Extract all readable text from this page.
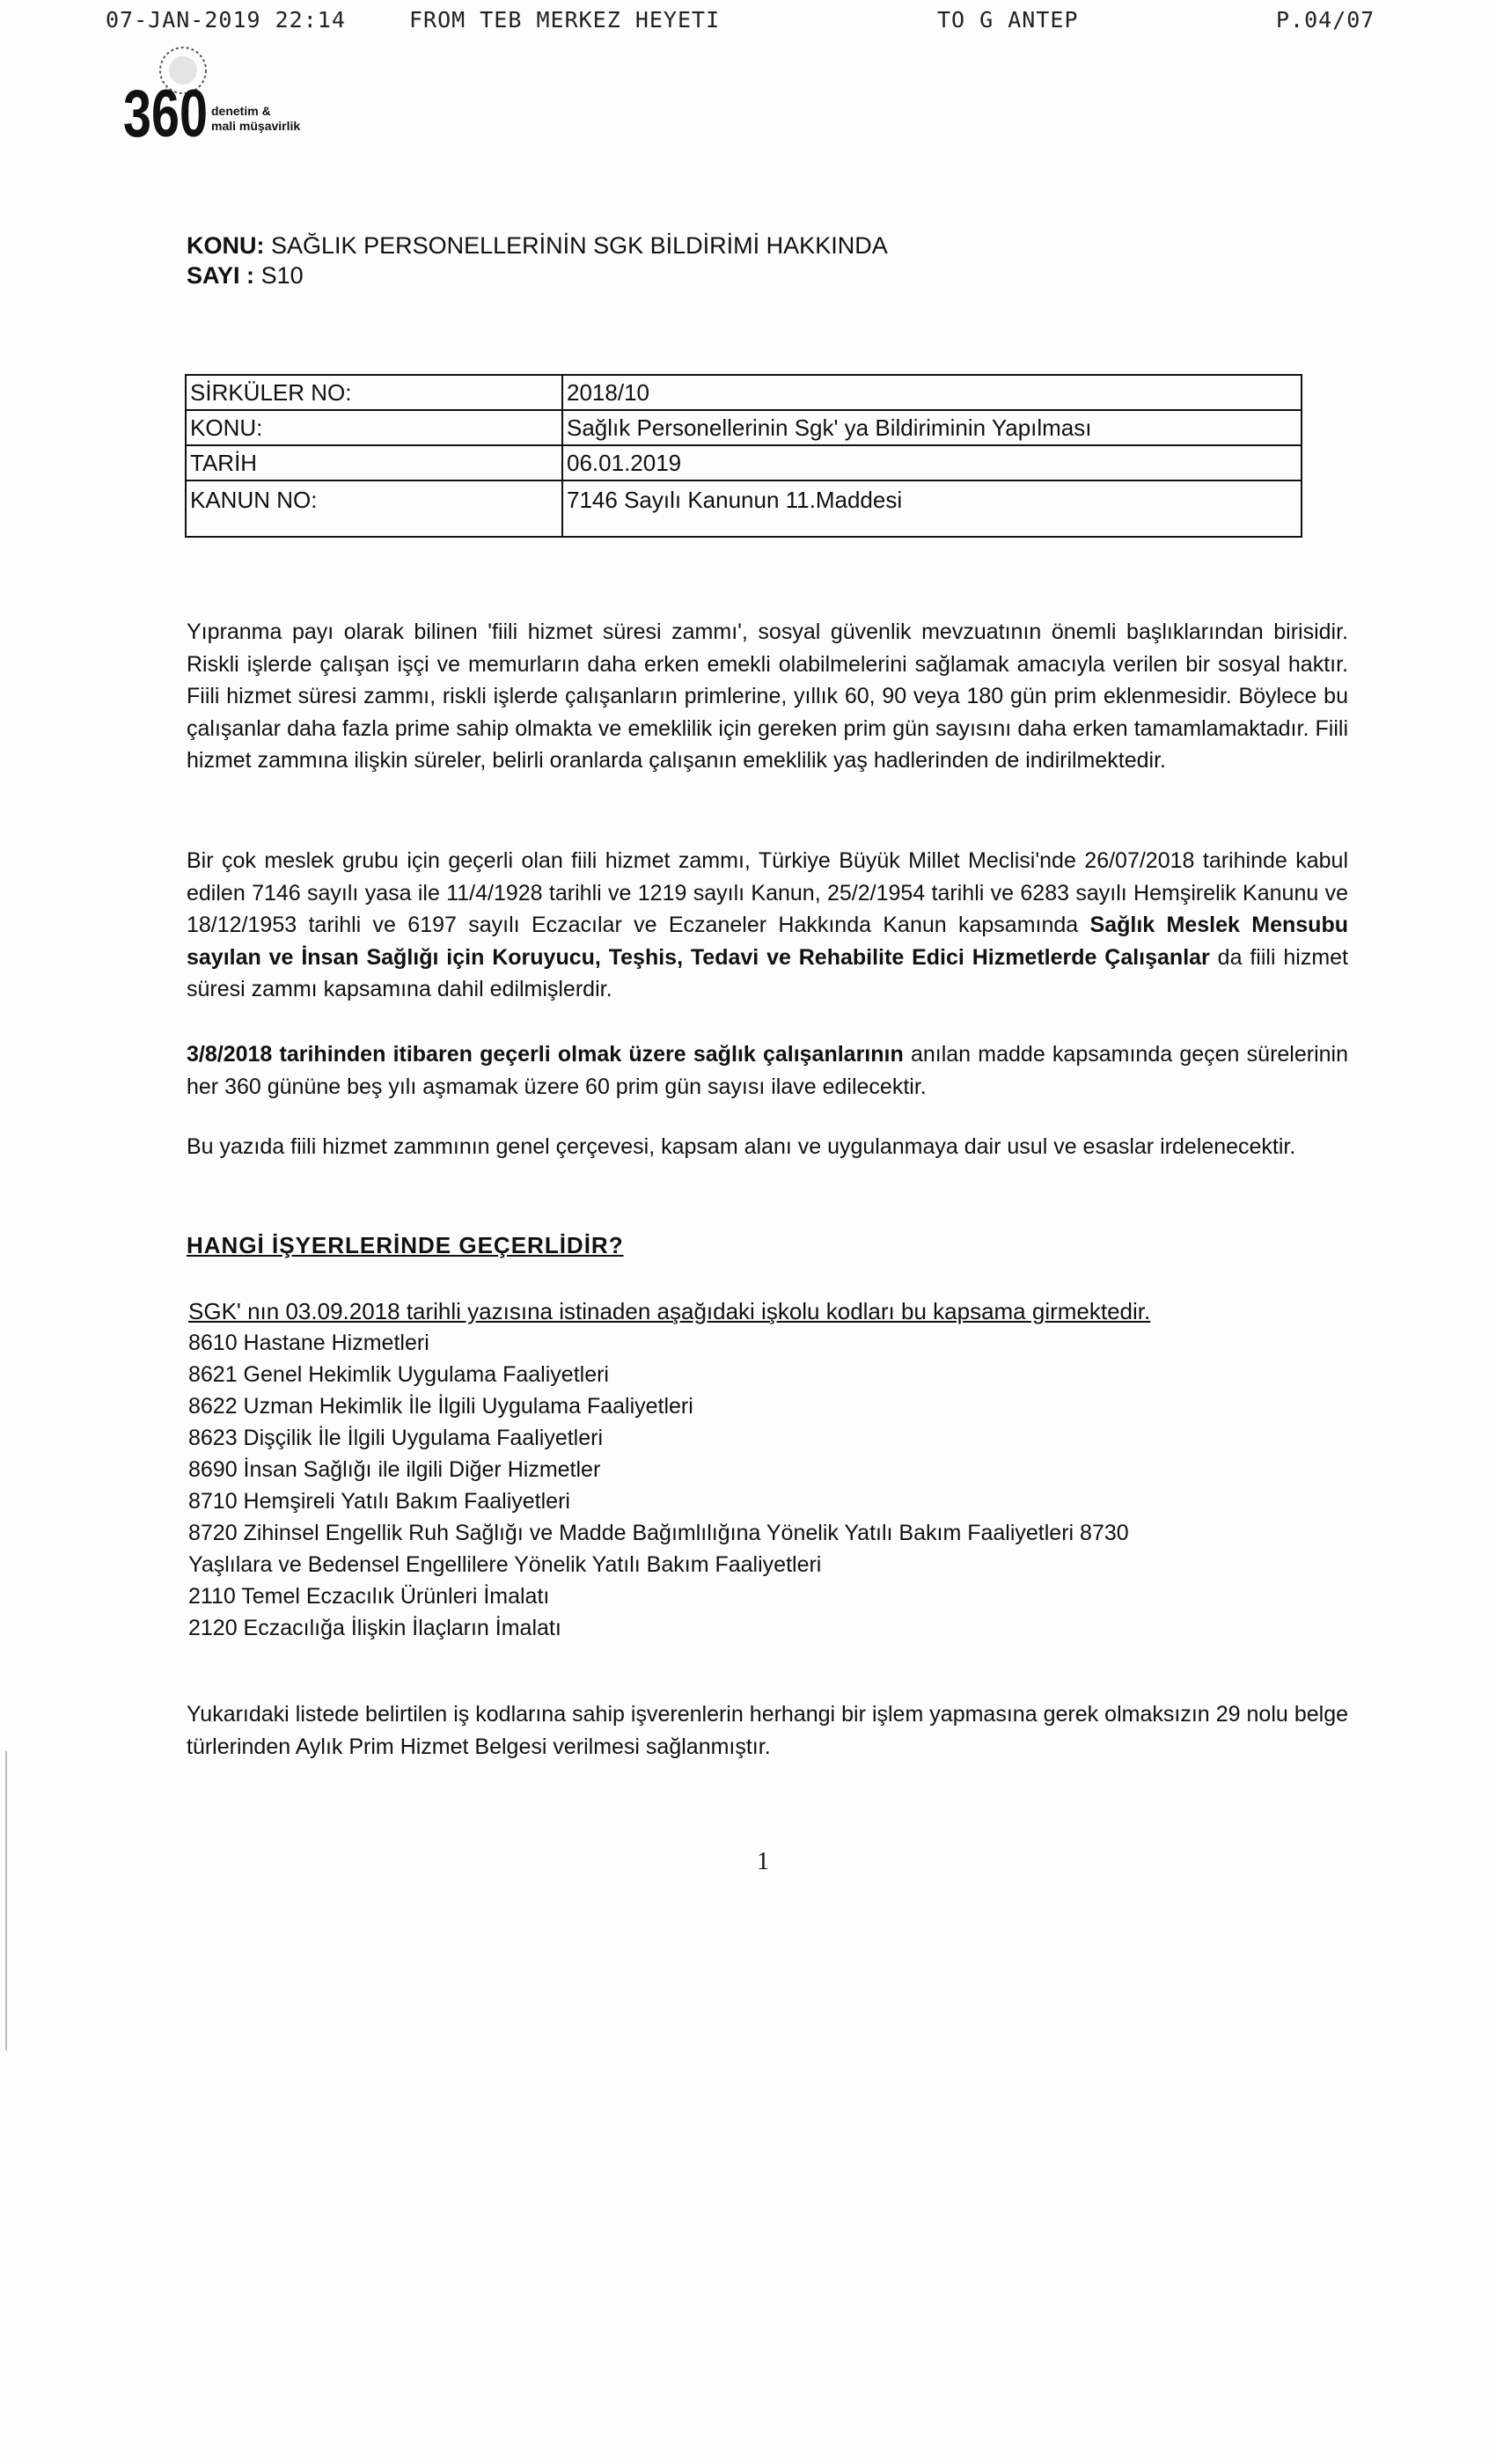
07-JAN-2019 22:14	FROM TEB MERKEZ HEYETI	TO G ANTEP	P.04/07
360 denetim &
mali müşavirlik
KONU: SAĞLIK PERSONELLERİNİN SGK BİLDİRİMİ HAKKINDA
SAYI : S10
SİRKÜLER NO:	2018/10
KONU:	Sağlık Personellerinin Sgk' ya Bildiriminin Yapılması
TARİH	06.01.2019
KANUN NO:	7146 Sayılı Kanunun 11.Maddesi
Yıpranma payı olarak bilinen 'fiili hizmet süresi zammı', sosyal güvenlik mevzuatının önemli başlıklarından birisidir. Riskli işlerde çalışan işçi ve memurların daha erken emekli olabilmelerini sağlamak amacıyla verilen bir sosyal haktır. Fiili hizmet süresi zammı, riskli işlerde çalışanların primlerine, yıllık 60, 90 veya 180 gün prim eklenmesidir. Böylece bu çalışanlar daha fazla prime sahip olmakta ve emeklilik için gereken prim gün sayısını daha erken tamamlamaktadır. Fiili hizmet zammına ilişkin süreler, belirli oranlarda çalışanın emeklilik yaş hadlerinden de indirilmektedir.
Bir çok meslek grubu için geçerli olan fiili hizmet zammı, Türkiye Büyük Millet Meclisi'nde 26/07/2018 tarihinde kabul edilen 7146 sayılı yasa ile 11/4/1928 tarihli ve 1219 sayılı Kanun, 25/2/1954 tarihli ve 6283 sayılı Hemşirelik Kanunu ve 18/12/1953 tarihli ve 6197 sayılı Eczacılar ve Eczaneler Hakkında Kanun kapsamında Sağlık Meslek Mensubu sayılan ve İnsan Sağlığı için Koruyucu, Teşhis, Tedavi ve Rehabilite Edici Hizmetlerde Çalışanlar da fiili hizmet süresi zammı kapsamına dahil edilmişlerdir.
3/8/2018 tarihinden itibaren geçerli olmak üzere sağlık çalışanlarının anılan madde kapsamında geçen sürelerinin her 360 gününe beş yılı aşmamak üzere 60 prim gün sayısı ilave edilecektir.
Bu yazıda fiili hizmet zammının genel çerçevesi, kapsam alanı ve uygulanmaya dair usul ve esaslar irdelenecektir.
HANGİ İŞYERLERİNDE GEÇERLİDİR?
SGK' nın 03.09.2018 tarihli yazısına istinaden aşağıdaki işkolu kodları bu kapsama girmektedir.
8610 Hastane Hizmetleri
8621 Genel Hekimlik Uygulama Faaliyetleri
8622 Uzman Hekimlik İle İlgili Uygulama Faaliyetleri
8623 Dişçilik İle İlgili Uygulama Faaliyetleri
8690 İnsan Sağlığı ile ilgili Diğer Hizmetler
8710 Hemşireli Yatılı Bakım Faaliyetleri
8720 Zihinsel Engellik Ruh Sağlığı ve Madde Bağımlılığına Yönelik Yatılı Bakım Faaliyetleri 8730
Yaşlılara ve Bedensel Engellilere Yönelik Yatılı Bakım Faaliyetleri
2110 Temel Eczacılık Ürünleri İmalatı
2120 Eczacılığa İlişkin İlaçların İmalatı
Yukarıdaki listede belirtilen iş kodlarına sahip işverenlerin herhangi bir işlem yapmasına gerek olmaksızın 29 nolu belge türlerinden Aylık Prim Hizmet Belgesi verilmesi sağlanmıştır.
1
